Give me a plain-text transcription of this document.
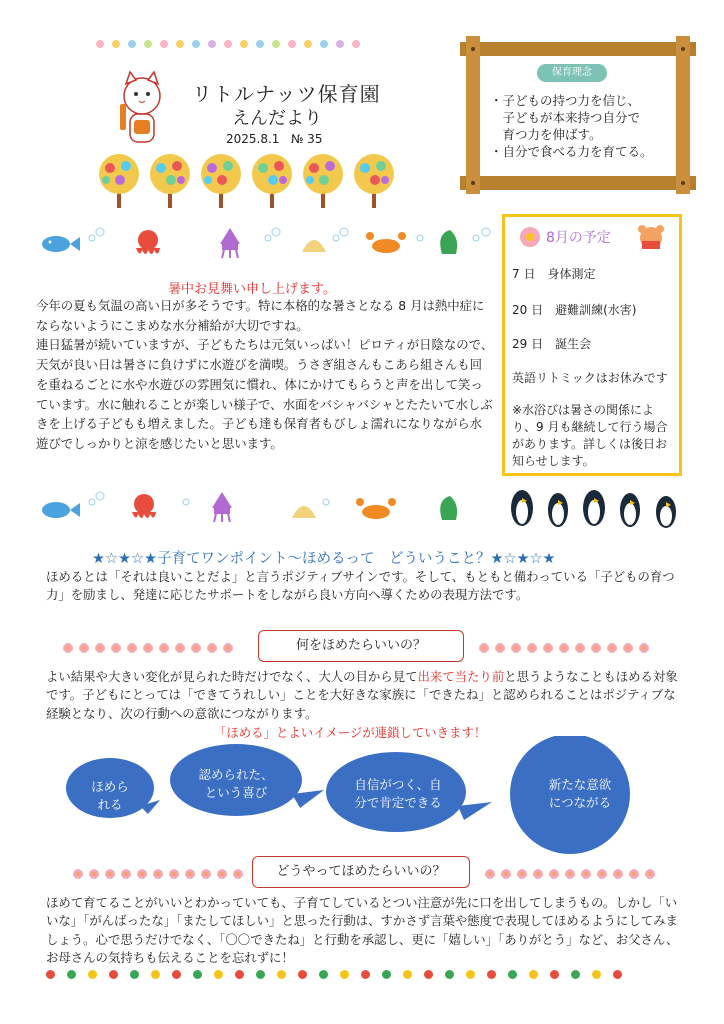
リトルナッツ保育園
えんだより
2025.8.1 № 35
保育理念
・子どもの持つ力を信じ、
　子どもが本来持つ自分で
　育つ力を伸ばす。
・自分で食べる力を育てる。
暑中お見舞い申し上げます。

今年の夏も気温の高い日が多そうです。特に本格的な暑さとなる 8 月は熱中症にならないようにこまめな水分補給が大切ですね。

連日猛暑が続いていますが、子どもたちは元気いっぱい！ピロティが日陰なので、天気が良い日は暑さに負けずに水遊びを満喫。うさぎ組さんもこあら組さんも回を重ねるごとに水や水遊びの雰囲気に慣れ、体にかけてもらうと声を出して笑っています。水に触れることが楽しい様子で、水面をバシャバシャとたたいて水しぶきを上げる子どもも増えました。子ども達も保育者もびしょ濡れになりながら水遊びでしっかりと涼を感じたいと思います。

8月の予定
7 日　身体測定
20 日　避難訓練(水害)
29 日　誕生会
英語リトミックはお休みです
※水浴びは暑さの関係により、9 月も継続して行う場合があります。詳しくは後日お知らせします。
★☆★☆★子育てワンポイント～ほめるって　どういうこと？★☆★☆★
ほめるとは「それは良いことだよ」と言うポジティブサインです。そして、もともと備わっている「子どもの育つ力」を励まし、発達に応じたサポートをしながら良い方向へ導くための表現方法です。
何をほめたらいいの？
よい結果や大きい変化が見られた時だけでなく、大人の目から見て出来て当たり前と思うようなこともほめる対象です。子どもにとっては「できてうれしい」ことを大好きな家族に「できたね」と認められることはポジティブな経験となり、次の行動への意欲につながります。
「ほめる」とよいイメージが連鎖していきます！
ほめら
れる
認められた、
という喜び
自信がつく、自
分で肯定できる
新たな意欲
につながる
どうやってほめたらいいの？
ほめて育てることがいいとわかっていても、子育てしているとつい注意が先に口を出してしまうもの。しかし「いいな」「がんばったな」「またしてほしい」と思った行動は、すかさず言葉や態度で表現してほめるようにしてみましょう。心で思うだけでなく、「〇〇できたね」と行動を承認し、更に「嬉しい」「ありがとう」など、お父さん、お母さんの気持ちも伝えることを忘れずに！
